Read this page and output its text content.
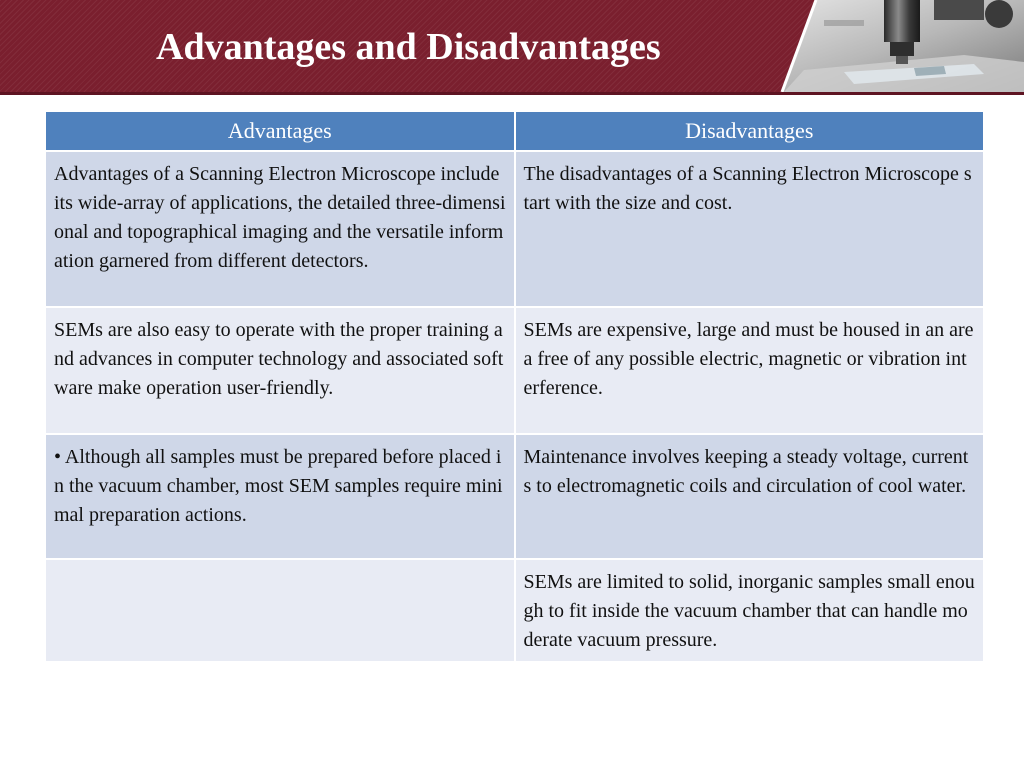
Advantages and Disadvantages
Advantages	Disadvantages
Advantages of a Scanning Electron Microscope include its wide-array of applications, the detailed three-dimensional and topographical imaging and the versatile information garnered from different detectors.	The disadvantages of a Scanning Electron Microscope start with the size and cost.
SEMs are also easy to operate with the proper training and advances in computer technology and associated software make operation user-friendly.	SEMs are expensive, large and must be housed in an area free of any possible electric, magnetic or vibration interference.
• Although all samples must be prepared before placed in the vacuum chamber, most SEM samples require minimal preparation actions.	Maintenance involves keeping a steady voltage, currents to electromagnetic coils and circulation of cool water.
	SEMs are limited to solid, inorganic samples small enough to fit inside the vacuum chamber that can handle moderate vacuum pressure.
